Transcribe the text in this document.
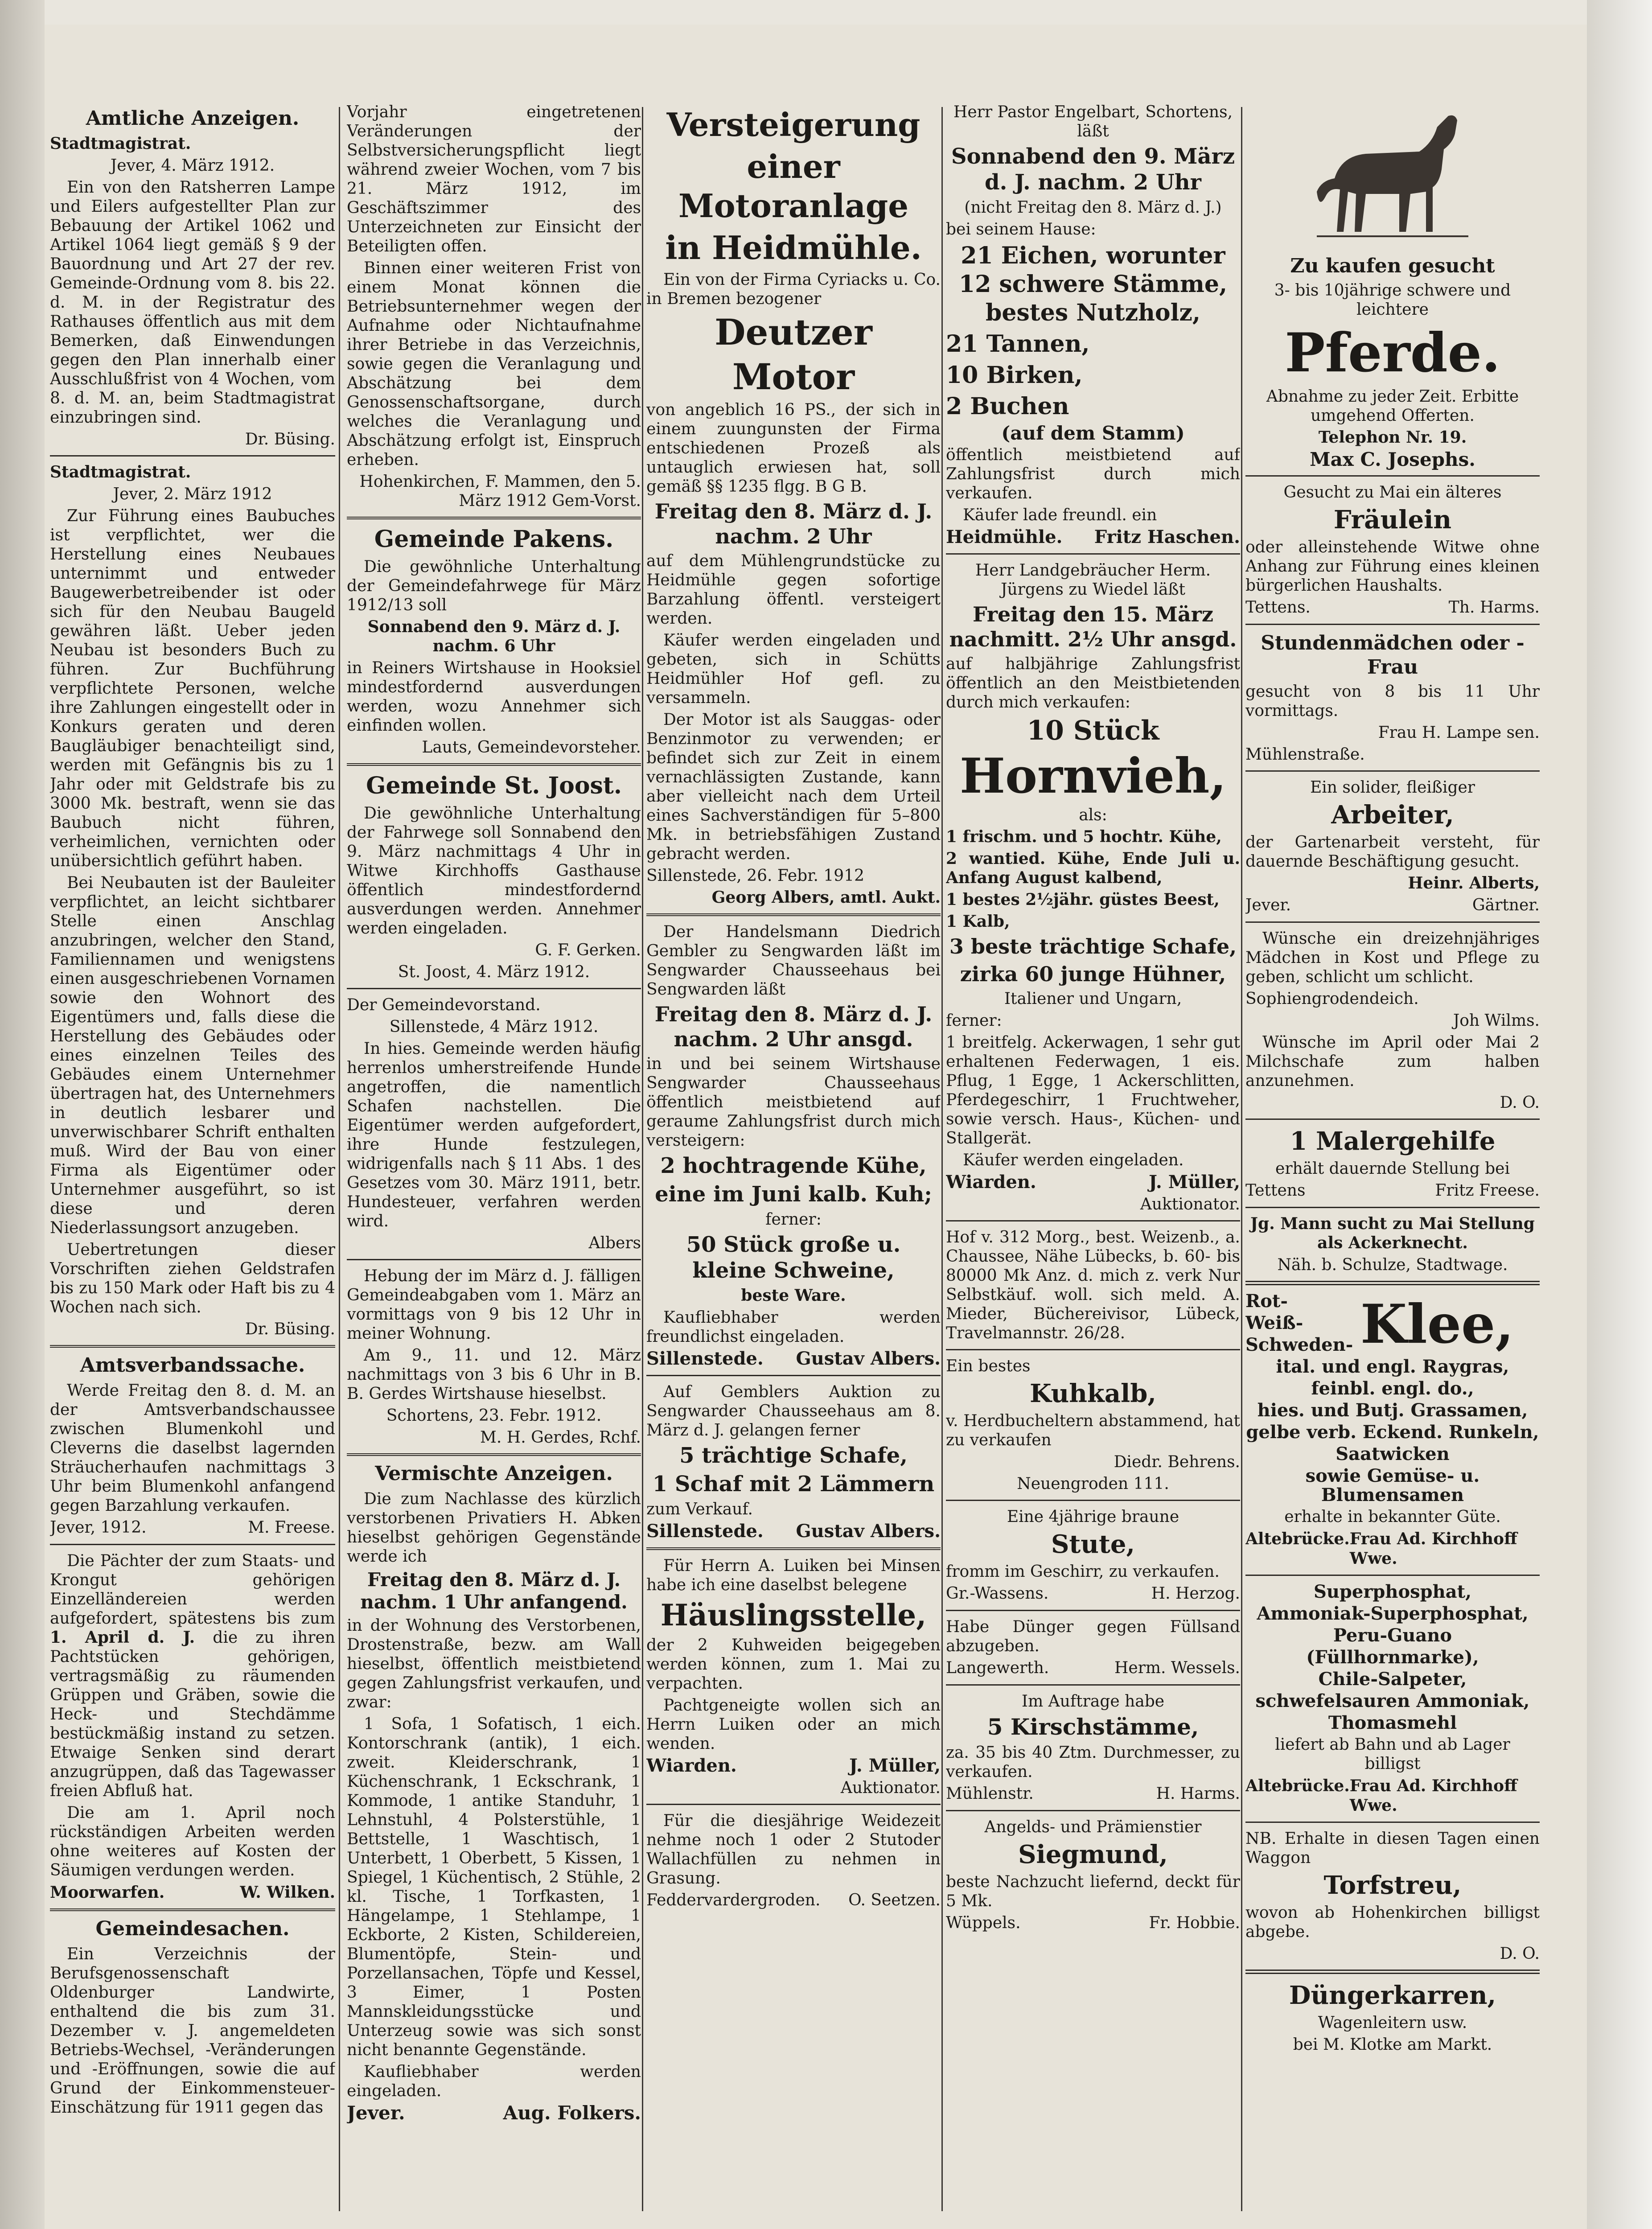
Amtliche Anzeigen.

Stadtmagistrat.

Jever, 4. März 1912.

Ein von den Ratsherren Lampe und Eilers aufgestellter Plan zur Bebauung der Artikel 1062 und Artikel 1064 liegt gemäß § 9 der Bauordnung und Art 27 der rev. Gemeinde-Ordnung vom 8. bis 22. d. M. in der Registratur des Rathauses öffentlich aus mit dem Bemerken, daß Einwendungen gegen den Plan innerhalb einer Ausschlußfrist von 4 Wochen, vom 8. d. M. an, beim Stadtmagistrat einzubringen sind.

Dr. Büsing.

Stadtmagistrat.

Jever, 2. März 1912

Zur Führung eines Baubuches ist verpflichtet, wer die Herstellung eines Neubaues unternimmt und entweder Baugewerbetreibender ist oder sich für den Neubau Baugeld gewähren läßt. Ueber jeden Neubau ist besonders Buch zu führen. Zur Buchführung verpflichtete Personen, welche ihre Zahlungen eingestellt oder in Konkurs geraten und deren Baugläubiger benachteiligt sind, werden mit Gefängnis bis zu 1 Jahr oder mit Geldstrafe bis zu 3000 Mk. bestraft, wenn sie das Baubuch nicht führen, verheimlichen, vernichten oder unübersichtlich geführt haben.

Bei Neubauten ist der Bauleiter verpflichtet, an leicht sichtbarer Stelle einen Anschlag anzubringen, welcher den Stand, Familiennamen und wenigstens einen ausgeschriebenen Vornamen sowie den Wohnort des Eigentümers und, falls diese die Herstellung des Gebäudes oder eines einzelnen Teiles des Gebäudes einem Unternehmer übertragen hat, des Unternehmers in deutlich lesbarer und unverwischbarer Schrift enthalten muß. Wird der Bau von einer Firma als Eigentümer oder Unternehmer ausgeführt, so ist diese und deren Niederlassungsort anzugeben.

Uebertretungen dieser Vorschriften ziehen Geldstrafen bis zu 150 Mark oder Haft bis zu 4 Wochen nach sich.

Dr. Büsing.

Amtsverbandssache.

Werde Freitag den 8. d. M. an der Amtsverbandschaussee zwischen Blumenkohl und Cleverns die daselbst lagernden Sträucherhaufen nachmittags 3 Uhr beim Blumenkohl anfangend gegen Barzahlung verkaufen.

Jever, 1912.	M. Freese.

Die Pächter der zum Staats- und Krongut gehörigen Einzelländereien werden aufgefordert, spätestens bis zum 1. April d. J. die zu ihren Pachtstücken gehörigen, vertragsmäßig zu räumenden Grüppen und Gräben, sowie die Heck- und Stechdämme bestückmäßig instand zu setzen. Etwaige Senken sind derart anzugrüppen, daß das Tagewasser freien Abfluß hat.

Die am 1. April noch rückständigen Arbeiten werden ohne weiteres auf Kosten der Säumigen verdungen werden.

Moorwarfen.	W. Wilken.
Gemeindesachen.

Ein Verzeichnis der Berufsgenossenschaft Oldenburger Landwirte, enthaltend die bis zum 31. Dezember v. J. angemeldeten Betriebs-Wechsel, -Veränderungen und -Eröffnungen, sowie die auf Grund der Einkommensteuer-Einschätzung für 1911 gegen das

Vorjahr eingetretenen Veränderungen der Selbstversicherungspflicht liegt während zweier Wochen, vom 7 bis 21. März 1912, im Geschäftszimmer des Unterzeichneten zur Einsicht der Beteiligten offen.

Binnen einer weiteren Frist von einem Monat können die Betriebsunternehmer wegen der Aufnahme oder Nichtaufnahme ihrer Betriebe in das Verzeichnis, sowie gegen die Veranlagung und Abschätzung bei dem Genossenschaftsorgane, durch welches die Veranlagung und Abschätzung erfolgt ist, Einspruch erheben.

Hohenkirchen, F. Mammen, den 5. März 1912 Gem-Vorst.

Gemeinde Pakens.

Die gewöhnliche Unterhaltung der Gemeindefahrwege für März 1912/13 soll

Sonnabend den 9. März d. J. nachm. 6 Uhr

in Reiners Wirtshause in Hooksiel mindestfordernd ausverdungen werden, wozu Annehmer sich einfinden wollen.

Lauts, Gemeindevorsteher.

Gemeinde St. Joost.

Die gewöhnliche Unterhaltung der Fahrwege soll Sonnabend den 9. März nachmittags 4 Uhr in Witwe Kirchhoffs Gasthause öffentlich mindestfordernd ausverdungen werden. Annehmer werden eingeladen.

G. F. Gerken.

St. Joost, 4. März 1912.

Der Gemeindevorstand.

Sillenstede, 4 März 1912.

In hies. Gemeinde werden häufig herrenlos umherstreifende Hunde angetroffen, die namentlich Schafen nachstellen. Die Eigentümer werden aufgefordert, ihre Hunde festzulegen, widrigenfalls nach § 11 Abs. 1 des Gesetzes vom 30. März 1911, betr. Hundesteuer, verfahren werden wird.

Albers

Hebung der im März d. J. fälligen Gemeindeabgaben vom 1. März an vormittags von 9 bis 12 Uhr in meiner Wohnung.

Am 9., 11. und 12. März nachmittags von 3 bis 6 Uhr in B. B. Gerdes Wirtshause hieselbst.

Schortens, 23. Febr. 1912.

M. H. Gerdes, Rchf.

Vermischte Anzeigen.

Die zum Nachlasse des kürzlich verstorbenen Privatiers H. Abken hieselbst gehörigen Gegenstände werde ich

Freitag den 8. März d. J. nachm. 1 Uhr anfangend.

in der Wohnung des Verstorbenen, Drostenstraße, bezw. am Wall hieselbst, öffentlich meistbietend gegen Zahlungsfrist verkaufen, und zwar:

1 Sofa, 1 Sofatisch, 1 eich. Kontorschrank (antik), 1 eich. zweit. Kleiderschrank, 1 Küchenschrank, 1 Eckschrank, 1 Kommode, 1 antike Standuhr, 1 Lehnstuhl, 4 Polsterstühle, 1 Bettstelle, 1 Waschtisch, 1 Unterbett, 1 Oberbett, 5 Kissen, 1 Spiegel, 1 Küchentisch, 2 Stühle, 2 kl. Tische, 1 Torfkasten, 1 Hängelampe, 1 Stehlampe, 1 Eckborte, 2 Kisten, Schildereien, Blumentöpfe, Stein- und Porzellansachen, Töpfe und Kessel, 3 Eimer, 1 Posten Mannskleidungsstücke und Unterzeug sowie was sich sonst nicht benannte Gegenstände.

Kaufliebhaber werden eingeladen.

Jever.	Aug. Folkers.
Versteigerung
einer Motoranlage
in Heidmühle.

Ein von der Firma Cyriacks u. Co. in Bremen bezogener

Deutzer
Motor

von angeblich 16 PS., der sich in einem zuungunsten der Firma entschiedenen Prozeß als untauglich erwiesen hat, soll gemäß §§ 1235 flgg. B G B.

Freitag den 8. März d. J. nachm. 2 Uhr

auf dem Mühlengrundstücke zu Heidmühle gegen sofortige Barzahlung öffentl. versteigert werden.

Käufer werden eingeladen und gebeten, sich in Schütts Heidmühler Hof gefl. zu versammeln.

Der Motor ist als Sauggas- oder Benzinmotor zu verwenden; er befindet sich zur Zeit in einem vernachlässigten Zustande, kann aber vielleicht nach dem Urteil eines Sachverständigen für 5–800 Mk. in betriebsfähigen Zustand gebracht werden.

Sillenstede, 26. Febr. 1912

Georg Albers, amtl. Aukt.

Der Handelsmann Diedrich Gembler zu Sengwarden läßt im Sengwarder Chausseehaus bei Sengwarden läßt

Freitag den 8. März d. J. nachm. 2 Uhr ansgd.

in und bei seinem Wirtshause Sengwarder Chausseehaus öffentlich meistbietend auf geraume Zahlungsfrist durch mich versteigern:

2 hochtragende Kühe,

eine im Juni kalb. Kuh;

ferner:

50 Stück große u. kleine Schweine,

beste Ware.

Kaufliebhaber werden freundlichst eingeladen.

Sillenstede. Gustav Albers.

Auf Gemblers Auktion zu Sengwarder Chausseehaus am 8. März d. J. gelangen ferner

5 trächtige Schafe,

1 Schaf mit 2 Lämmern

zum Verkauf.

Sillenstede. Gustav Albers.

Für Herrn A. Luiken bei Minsen habe ich eine daselbst belegene

Häuslingsstelle,

der 2 Kuhweiden beigegeben werden können, zum 1. Mai zu verpachten.

Pachtgeneigte wollen sich an Herrn Luiken oder an mich wenden.

Wiarden.	J. Müller,

Auktionator.

Für die diesjährige Weidezeit nehme noch 1 oder 2 Stutoder Wallachfüllen zu nehmen in Grasung.

Feddervardergroden. O. Seetzen.

Herr Pastor Engelbart, Schortens, läßt

Sonnabend den 9. März d. J. nachm. 2 Uhr

(nicht Freitag den 8. März d. J.)

bei seinem Hause:

21 Eichen, worunter 12 schwere Stämme, bestes Nutzholz,

21 Tannen,

10 Birken,

2 Buchen

(auf dem Stamm)

öffentlich meistbietend auf Zahlungsfrist durch mich verkaufen.

Käufer lade freundl. ein

Heidmühle. Fritz Haschen.

Herr Landgebräucher Herm. Jürgens zu Wiedel läßt

Freitag den 15. März nachmitt. 2½ Uhr ansgd.

auf halbjährige Zahlungsfrist öffentlich an den Meistbietenden durch mich verkaufen:

10 Stück
Hornvieh,

als:

1 frischm. und 5 hochtr. Kühe,

2 wantied. Kühe, Ende Juli u. Anfang August kalbend,

1 bestes 2½jähr. güstes Beest,

1 Kalb,

3 beste trächtige Schafe,

zirka 60 junge Hühner,

Italiener und Ungarn,

ferner:

1 breitfelg. Ackerwagen, 1 sehr gut erhaltenen Federwagen, 1 eis. Pflug, 1 Egge, 1 Ackerschlitten, Pferdegeschirr, 1 Fruchtweher, sowie versch. Haus-, Küchen- und Stallgerät.

Käufer werden eingeladen.

Wiarden.	J. Müller,

Auktionator.

Hof v. 312 Morg., best. Weizenb., a. Chaussee, Nähe Lübecks, b. 60- bis 80000 Mk Anz. d. mich z. verk Nur Selbstkäuf. woll. sich meld. A. Mieder, Büchereivisor, Lübeck, Travelmannstr. 26/28.

Ein bestes

Kuhkalb,

v. Herdbucheltern abstammend, hat zu verkaufen

Diedr. Behrens.

Neuengroden 111.

Eine 4jährige braune

Stute,

fromm im Geschirr, zu verkaufen.

Gr.-Wassens.	H. Herzog.

Habe Dünger gegen Füllsand abzugeben.

Langewerth.	Herm. Wessels.

Im Auftrage habe

5 Kirschstämme,

za. 35 bis 40 Ztm. Durchmesser, zu verkaufen.

Mühlenstr.	H. Harms.

Angelds- und Prämienstier

Siegmund,

beste Nachzucht liefernd, deckt für 5 Mk.

Wüppels.	Fr. Hobbie.

Zu kaufen gesucht

3- bis 10jährige schwere und leichtere

Pferde.

Abnahme zu jeder Zeit. Erbitte umgehend Offerten.

Telephon Nr. 19.

Max C. Josephs.

Gesucht zu Mai ein älteres

Fräulein

oder alleinstehende Witwe ohne Anhang zur Führung eines kleinen bürgerlichen Haushalts.

Tettens.	Th. Harms.
Stundenmädchen oder -Frau

gesucht von 8 bis 11 Uhr vormittags.

Frau H. Lampe sen.

Mühlenstraße.

Ein solider, fleißiger

Arbeiter,

der Gartenarbeit versteht, für dauernde Beschäftigung gesucht.

Heinr. Alberts,

Jever.	Gärtner.

Wünsche ein dreizehnjähriges Mädchen in Kost und Pflege zu geben, schlicht um schlicht.

Sophiengrodendeich.

Joh Wilms.

Wünsche im April oder Mai 2 Milchschafe zum halben anzunehmen.

D. O.

1 Malergehilfe

erhält dauernde Stellung bei

Tettens	Fritz Freese.

Jg. Mann sucht zu Mai Stellung als Ackerknecht.

Näh. b. Schulze, Stadtwage.

Rot-

Weiß-

Schweden- Klee,

ital. und engl. Raygras,

feinbl. engl. do.,

hies. und Butj. Grassamen,

gelbe verb. Eckend. Runkeln,

Saatwicken

sowie Gemüse- u. Blumensamen

erhalte in bekannter Güte.

Altebrücke. Frau Ad. Kirchhoff Wwe.

Superphosphat,

Ammoniak-Superphosphat,

Peru-Guano

(Füllhornmarke),

Chile-Salpeter,

schwefelsauren Ammoniak,

Thomasmehl

liefert ab Bahn und ab Lager billigst

Altebrücke. Frau Ad. Kirchhoff Wwe.

NB. Erhalte in diesen Tagen einen Waggon

Torfstreu,

wovon ab Hohenkirchen billigst abgebe.

D. O.

Düngerkarren,

Wagenleitern usw.

bei M. Klotke am Markt.
